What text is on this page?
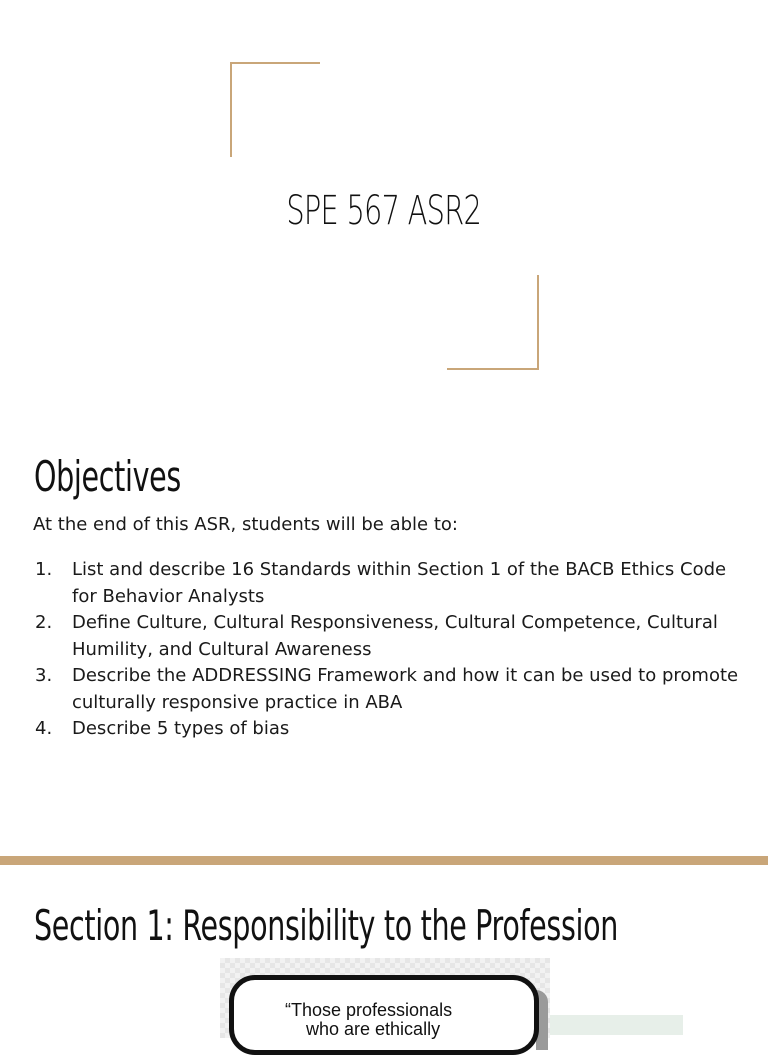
SPE 567 ASR2
Objectives
At the end of this ASR, students will be able to:
1. List and describe 16 Standards within Section 1 of the BACB Ethics Code for Behavior Analysts
2. Define Culture, Cultural Responsiveness, Cultural Competence, Cultural Humility, and Cultural Awareness
3. Describe the ADDRESSING Framework and how it can be used to promote culturally responsive practice in ABA
4. Describe 5 types of bias
Section 1: Responsibility to the Profession
“Those professionals
